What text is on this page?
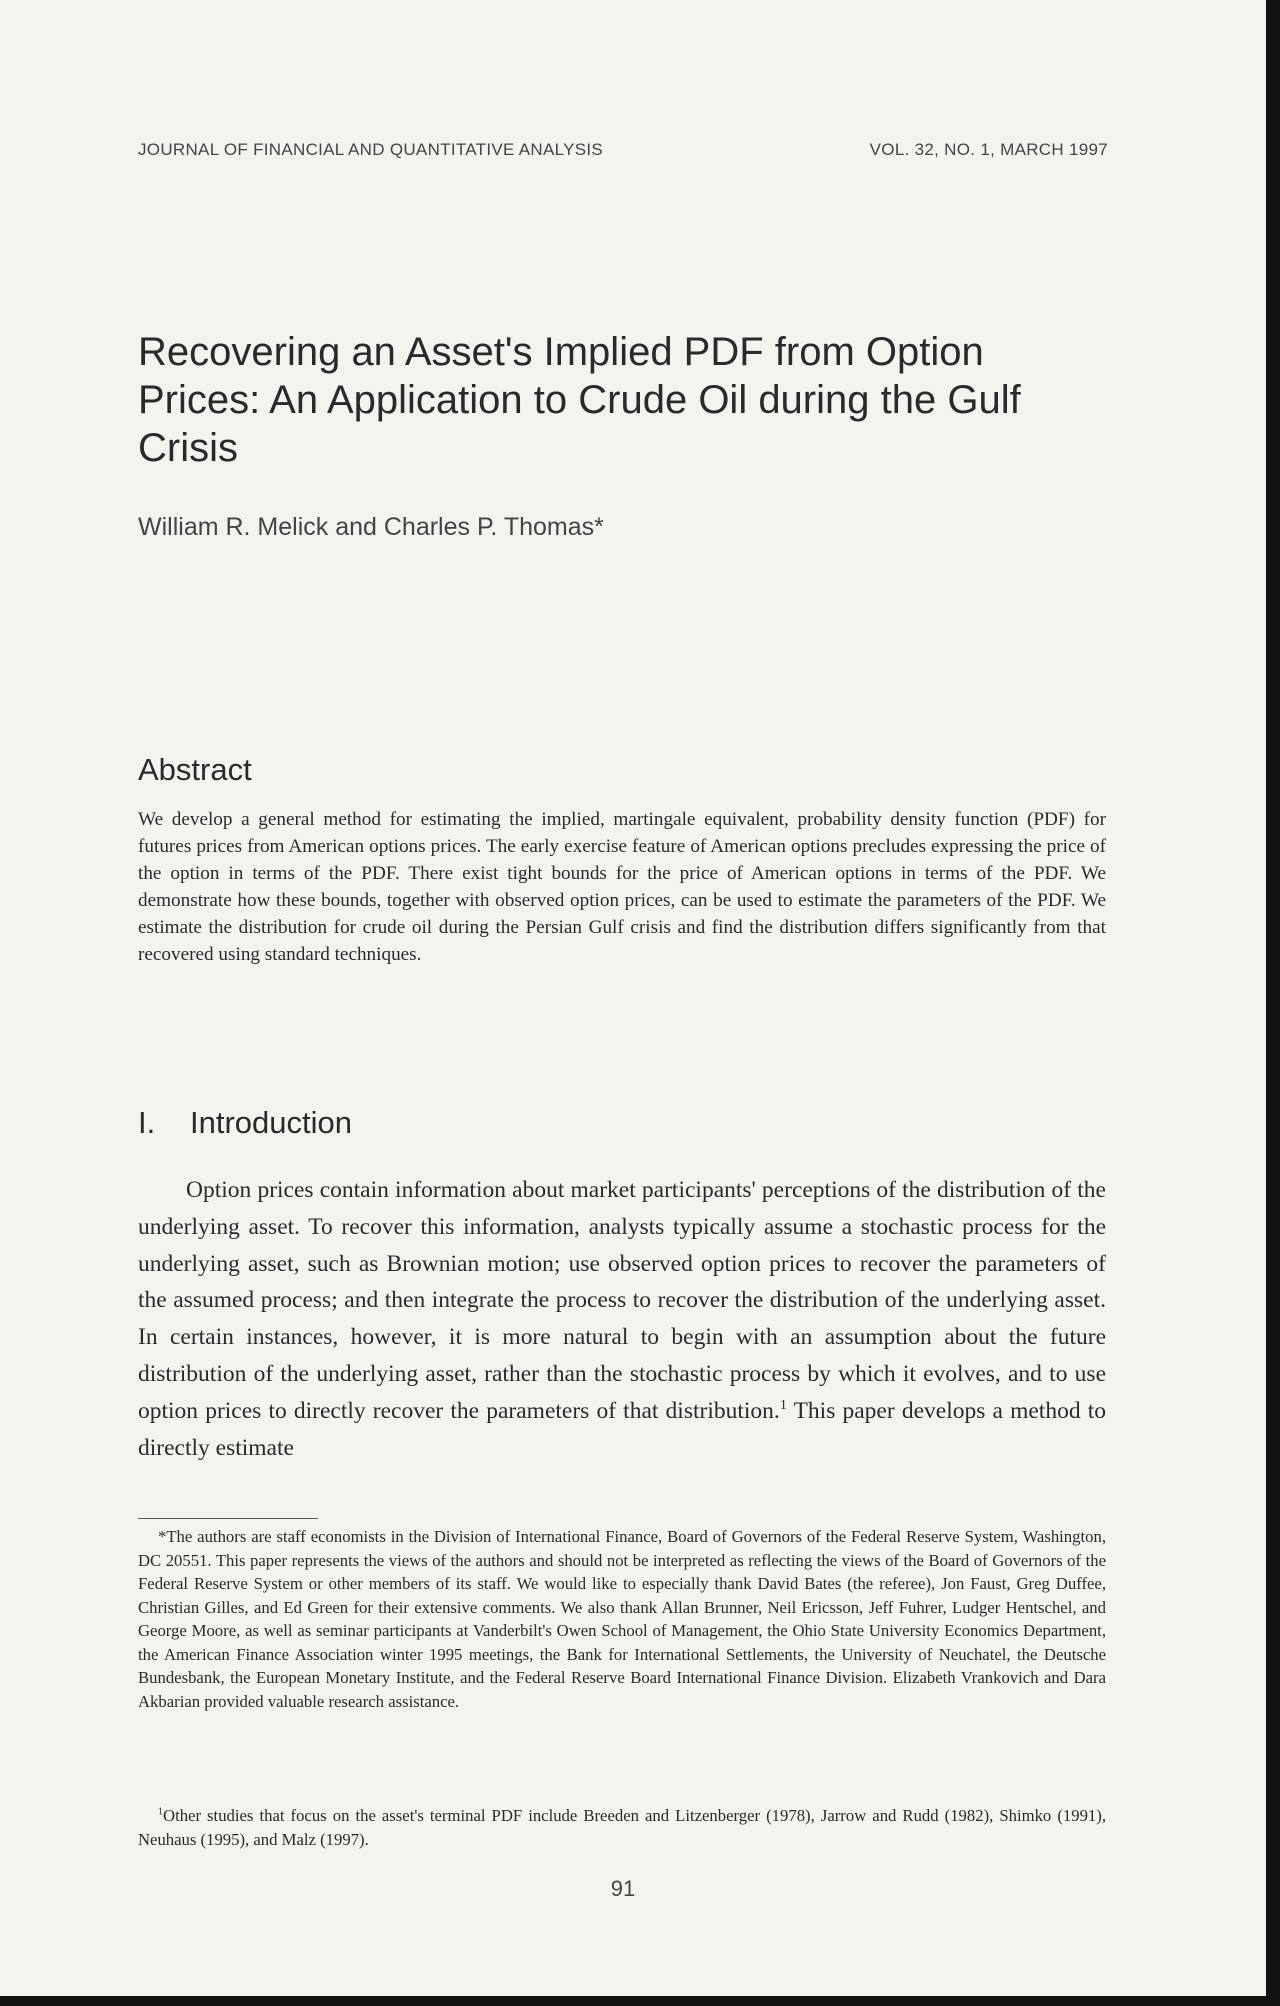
JOURNAL OF FINANCIAL AND QUANTITATIVE ANALYSIS	VOL. 32, NO. 1, MARCH 1997
Recovering an Asset's Implied PDF from Option Prices: An Application to Crude Oil during the Gulf Crisis
William R. Melick and Charles P. Thomas*
Abstract

We develop a general method for estimating the implied, martingale equivalent, probability density function (PDF) for futures prices from American options prices. The early exercise feature of American options precludes expressing the price of the option in terms of the PDF. There exist tight bounds for the price of American options in terms of the PDF. We demonstrate how these bounds, together with observed option prices, can be used to estimate the parameters of the PDF. We estimate the distribution for crude oil during the Persian Gulf crisis and find the distribution differs significantly from that recovered using standard techniques.

I. Introduction

Option prices contain information about market participants' perceptions of the distribution of the underlying asset. To recover this information, analysts typically assume a stochastic process for the underlying asset, such as Brownian motion; use observed option prices to recover the parameters of the assumed process; and then integrate the process to recover the distribution of the underlying asset. In certain instances, however, it is more natural to begin with an assumption about the future distribution of the underlying asset, rather than the stochastic process by which it evolves, and to use option prices to directly recover the parameters of that distribution.$^1$ This paper develops a method to directly estimate

*The authors are staff economists in the Division of International Finance, Board of Governors of the Federal Reserve System, Washington, DC 20551. This paper represents the views of the authors and should not be interpreted as reflecting the views of the Board of Governors of the Federal Reserve System or other members of its staff. We would like to especially thank David Bates (the referee), Jon Faust, Greg Duffee, Christian Gilles, and Ed Green for their extensive comments. We also thank Allan Brunner, Neil Ericsson, Jeff Fuhrer, Ludger Hentschel, and George Moore, as well as seminar participants at Vanderbilt's Owen School of Management, the Ohio State University Economics Department, the American Finance Association winter 1995 meetings, the Bank for International Settlements, the University of Neuchatel, the Deutsche Bundesbank, the European Monetary Institute, and the Federal Reserve Board International Finance Division. Elizabeth Vrankovich and Dara Akbarian provided valuable research assistance.

$^1$Other studies that focus on the asset's terminal PDF include Breeden and Litzenberger (1978), Jarrow and Rudd (1982), Shimko (1991), Neuhaus (1995), and Malz (1997).

91
